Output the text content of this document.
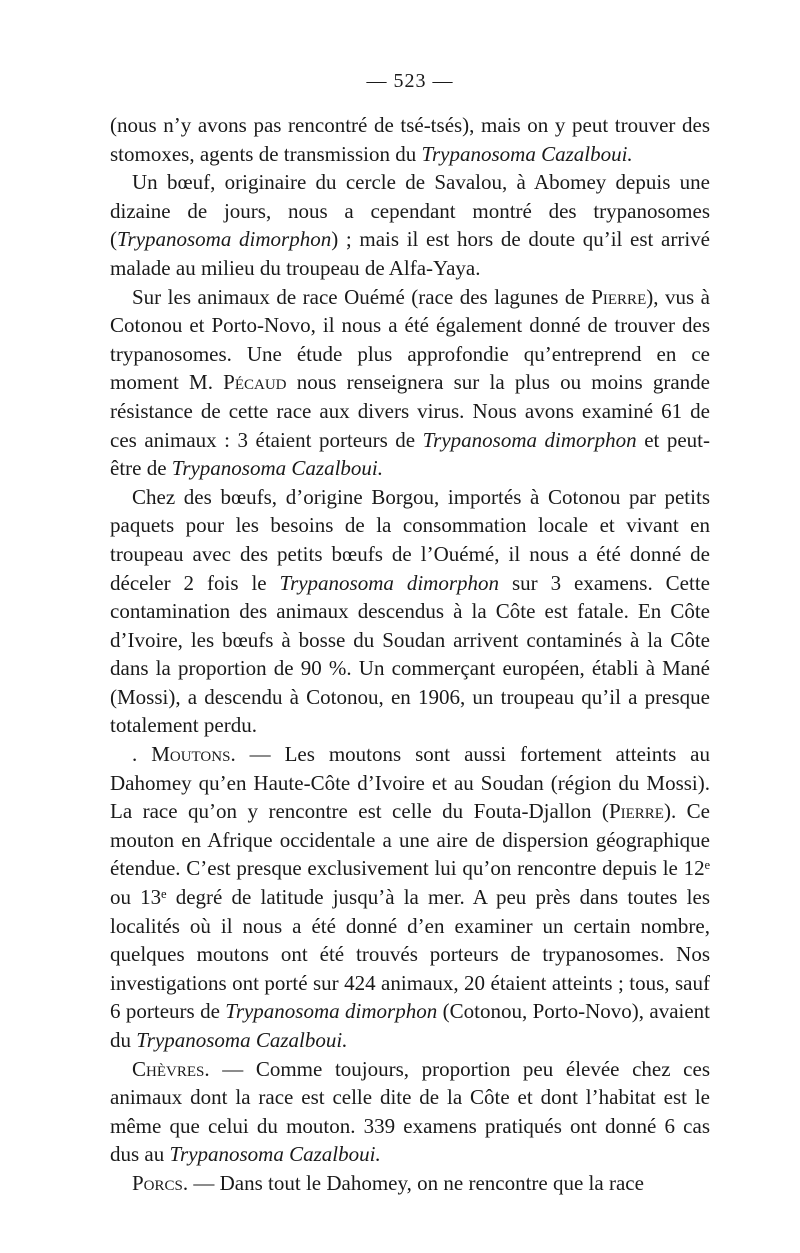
— 523 —

(nous n’y avons pas rencontré de tsé-tsés), mais on y peut trouver des stomoxes, agents de transmission du Trypanosoma Cazalboui.

Un bœuf, originaire du cercle de Savalou, à Abomey depuis une dizaine de jours, nous a cependant montré des trypanosomes (Trypanosoma dimorphon) ; mais il est hors de doute qu’il est arrivé malade au milieu du troupeau de Alfa-Yaya.

Sur les animaux de race Ouémé (race des lagunes de Pierre), vus à Cotonou et Porto-Novo, il nous a été également donné de trouver des trypanosomes. Une étude plus approfondie qu’entreprend en ce moment M. Pécaud nous renseignera sur la plus ou moins grande résistance de cette race aux divers virus. Nous avons examiné 61 de ces animaux : 3 étaient porteurs de Trypanosoma dimorphon et peut-être de Trypanosoma Cazalboui.

Chez des bœufs, d’origine Borgou, importés à Cotonou par petits paquets pour les besoins de la consommation locale et vivant en troupeau avec des petits bœufs de l’Ouémé, il nous a été donné de déceler 2 fois le Trypanosoma dimorphon sur 3 examens. Cette contamination des animaux descendus à la Côte est fatale. En Côte d’Ivoire, les bœufs à bosse du Soudan arrivent contaminés à la Côte dans la proportion de 90 %. Un commerçant européen, établi à Mané (Mossi), a descendu à Cotonou, en 1906, un troupeau qu’il a presque totalement perdu.

. Moutons. — Les moutons sont aussi fortement atteints au Dahomey qu’en Haute-Côte d’Ivoire et au Soudan (région du Mossi). La race qu’on y rencontre est celle du Fouta-Djallon (Pierre). Ce mouton en Afrique occidentale a une aire de dispersion géographique étendue. C’est presque exclusivement lui qu’on rencontre depuis le 12ᵉ ou 13ᵉ degré de latitude jusqu’à la mer. A peu près dans toutes les localités où il nous a été donné d’en examiner un certain nombre, quelques moutons ont été trouvés porteurs de trypanosomes. Nos investigations ont porté sur 424 animaux, 20 étaient atteints ; tous, sauf 6 porteurs de Trypanosoma dimorphon (Cotonou, Porto-Novo), avaient du Trypanosoma Cazalboui.

Chèvres. — Comme toujours, proportion peu élevée chez ces animaux dont la race est celle dite de la Côte et dont l’habitat est le même que celui du mouton. 339 examens pratiqués ont donné 6 cas dus au Trypanosoma Cazalboui.

Porcs. — Dans tout le Dahomey, on ne rencontre que la race
